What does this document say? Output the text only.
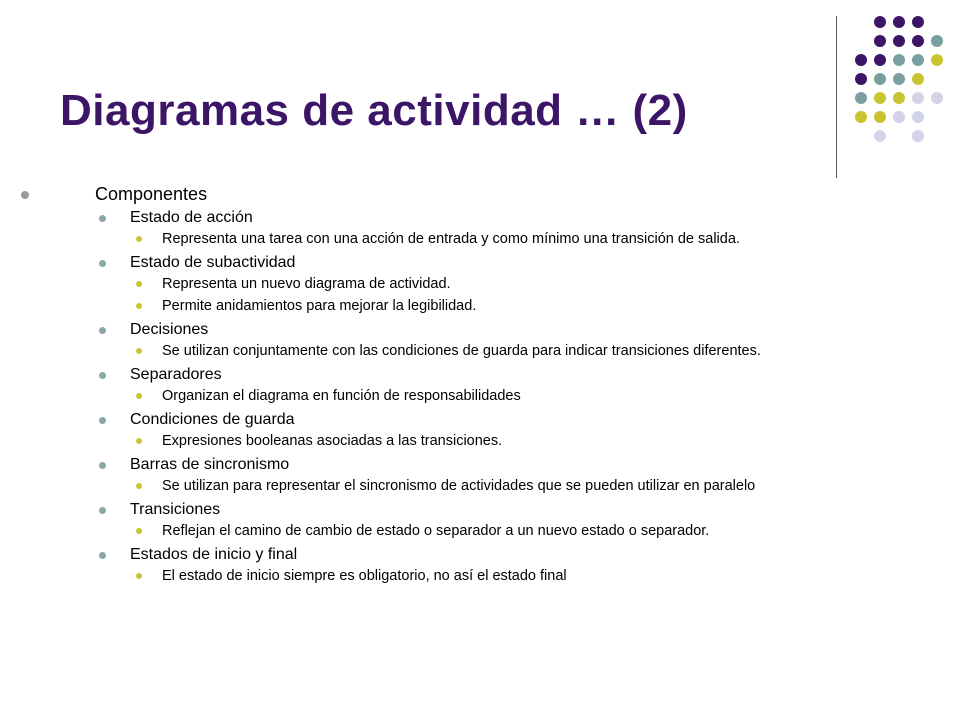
Diagramas de actividad … (2)
Componentes
Estado de acción
Representa una tarea con una acción de entrada y como mínimo una transición de salida.
Estado de subactividad
Representa un nuevo diagrama de actividad.
Permite anidamientos para mejorar la legibilidad.
Decisiones
Se utilizan conjuntamente con las condiciones de guarda para indicar transiciones diferentes.
Separadores
Organizan el diagrama en función de responsabilidades
Condiciones de guarda
Expresiones booleanas asociadas a las transiciones.
Barras de sincronismo
Se utilizan para representar el sincronismo de actividades que se pueden utilizar en paralelo
Transiciones
Reflejan el camino de cambio de estado o separador a un nuevo estado o separador.
Estados de inicio y final
El estado de inicio siempre es obligatorio, no así el estado final
